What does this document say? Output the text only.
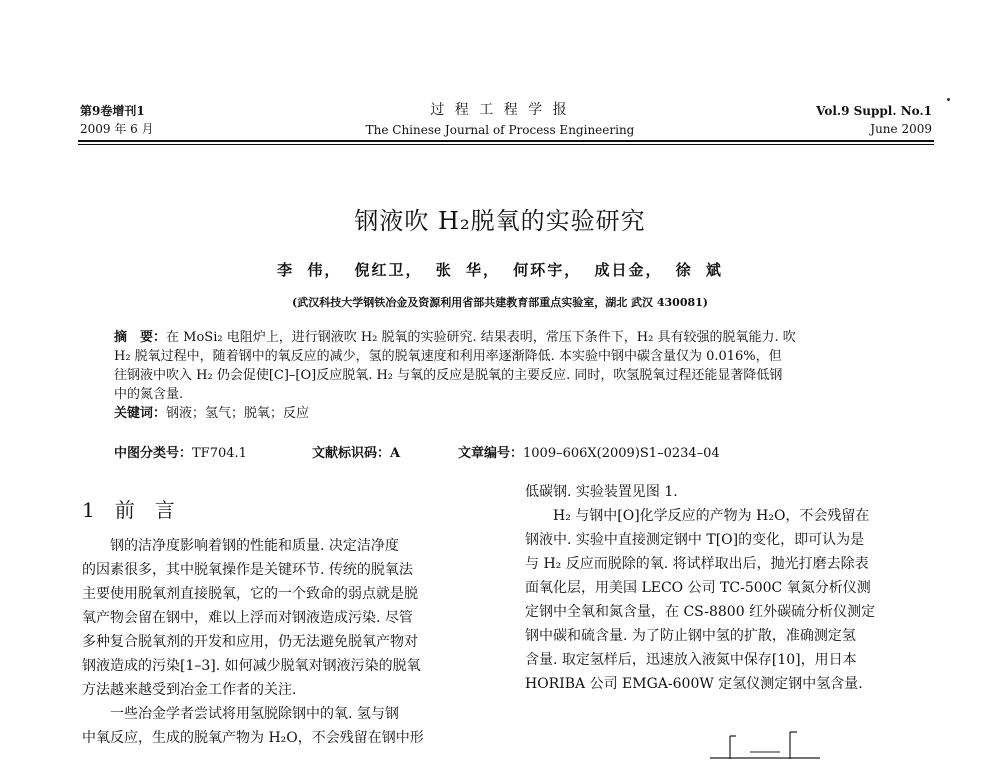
第9卷增刊1
2009 年 6 月
过 程 工 程 学 报
The Chinese Journal of Process Engineering
Vol.9 Suppl. No.1
June 2009
钢液吹 H₂脱氧的实验研究
李 伟， 倪红卫， 张 华， 何环宇， 成日金， 徐 斌
(武汉科技大学钢铁冶金及资源利用省部共建教育部重点实验室，湖北 武汉 430081)
摘　要：在 MoSi₂ 电阻炉上，进行钢液吹 H₂ 脱氧的实验研究. 结果表明，常压下条件下，H₂ 具有较强的脱氧能力. 吹
H₂ 脱氧过程中，随着钢中的氧反应的减少，氢的脱氧速度和利用率逐渐降低. 本实验中钢中碳含量仅为 0.016%，但
往钢液中吹入 H₂ 仍会促使[C]–[O]反应脱氧. H₂ 与氧的反应是脱氧的主要反应. 同时，吹氢脱氧过程还能显著降低钢
中的氮含量.
关键词：钢液；氢气；脱氧；反应
中图分类号：TF704.1	文献标识码：A	文章编号：1009–606X(2009)S1–0234–04
1　前　言
钢的洁净度影响着钢的性能和质量. 决定洁净度
的因素很多，其中脱氧操作是关键环节. 传统的脱氧法
主要使用脱氧剂直接脱氧，它的一个致命的弱点就是脱
氧产物会留在钢中，难以上浮而对钢液造成污染. 尽管
多种复合脱氧剂的开发和应用，仍无法避免脱氧产物对
钢液造成的污染[1–3]. 如何减少脱氧对钢液污染的脱氧
方法越来越受到冶金工作者的关注.
一些冶金学者尝试将用氢脱除钢中的氧. 氢与钢
中氧反应，生成的脱氧产物为 H₂O，不会残留在钢中形
低碳钢. 实验装置见图 1.
H₂ 与钢中[O]化学反应的产物为 H₂O，不会残留在
钢液中. 实验中直接测定钢中 T[O]的变化，即可认为是
与 H₂ 反应而脱除的氧. 将试样取出后，抛光打磨去除表
面氧化层，用美国 LECO 公司 TC-500C 氧氮分析仪测
定钢中全氧和氮含量，在 CS-8800 红外碳硫分析仪测定
钢中碳和硫含量. 为了防止钢中氢的扩散，准确测定氢
含量. 取定氢样后，迅速放入液氮中保存[10]，用日本
HORIBA 公司 EMGA-600W 定氢仪测定钢中氢含量.
